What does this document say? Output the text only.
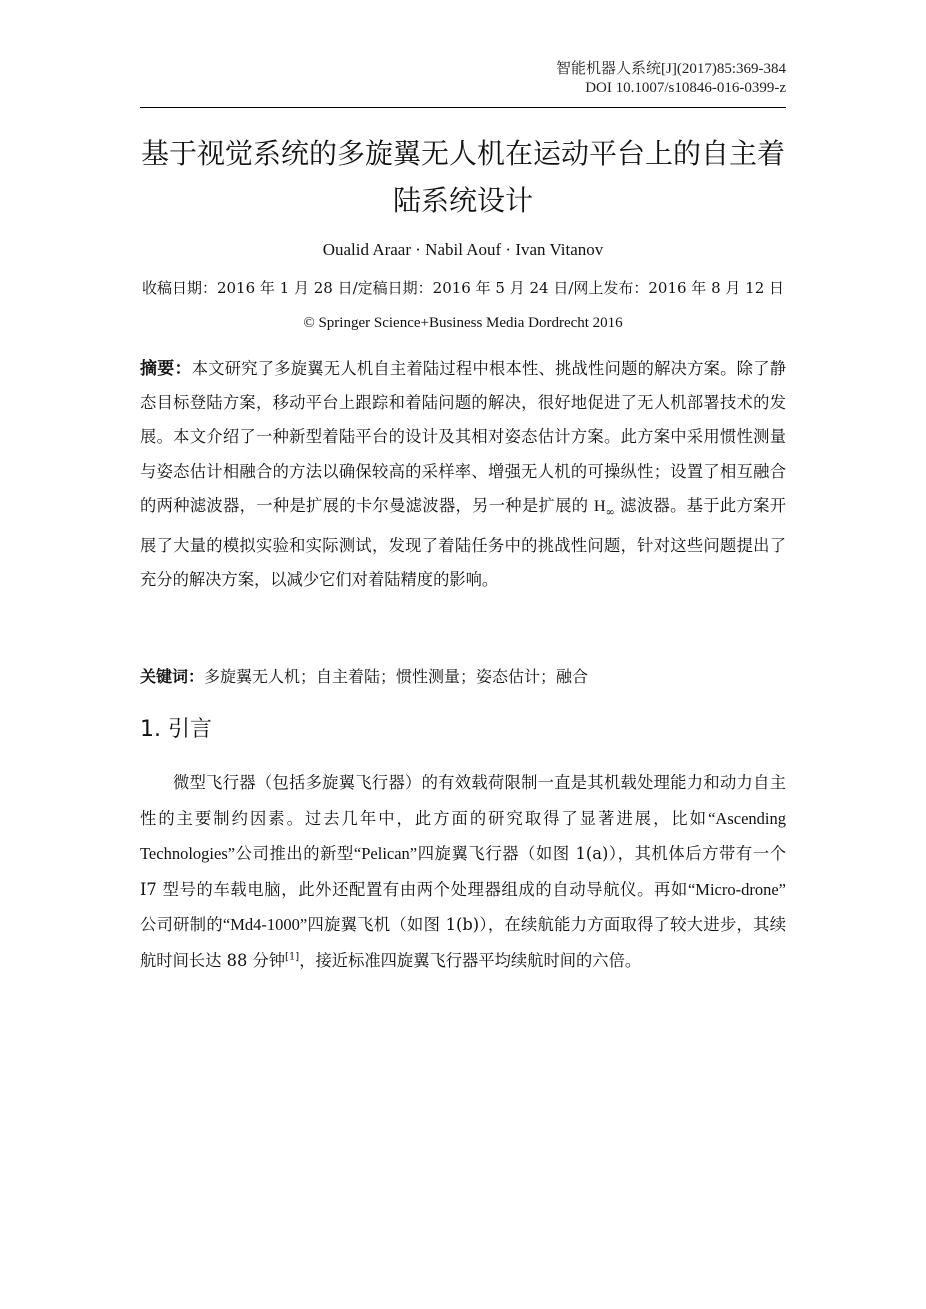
智能机器人系统[J](2017)85:369-384
DOI 10.1007/s10846-016-0399-z
基于视觉系统的多旋翼无人机在运动平台上的自主着
陆系统设计
Oualid Araar · Nabil Aouf · Ivan Vitanov
收稿日期：2016 年 1 月 28 日/定稿日期：2016 年 5 月 24 日/网上发布：2016 年 8 月 12 日
© Springer Science+Business Media Dordrecht 2016

摘要：本文研究了多旋翼无人机自主着陆过程中根本性、挑战性问题的解决方案。除了静态目标登陆方案，移动平台上跟踪和着陆问题的解决，很好地促进了无人机部署技术的发展。本文介绍了一种新型着陆平台的设计及其相对姿态估计方案。此方案中采用惯性测量与姿态估计相融合的方法以确保较高的采样率、增强无人机的可操纵性；设置了相互融合的两种滤波器，一种是扩展的卡尔曼滤波器，另一种是扩展的 $H_\infty$ 滤波器。基于此方案开展了大量的模拟实验和实际测试，发现了着陆任务中的挑战性问题，针对这些问题提出了充分的解决方案，以减少它们对着陆精度的影响。

关键词：多旋翼无人机；自主着陆；惯性测量；姿态估计；融合
1. 引言

微型飞行器（包括多旋翼飞行器）的有效载荷限制一直是其机载处理能力和动力自主性的主要制约因素。过去几年中，此方面的研究取得了显著进展，比如“Ascending Technologies”公司推出的新型“Pelican”四旋翼飞行器（如图 1(a)），其机体后方带有一个 I7 型号的车载电脑，此外还配置有由两个处理器组成的自动导航仪。再如“Micro-drone” 公司研制的“Md4-1000”四旋翼飞机（如图 1(b)），在续航能力方面取得了较大进步，其续航时间长达 88 分钟[1]，接近标准四旋翼飞行器平均续航时间的六倍。
